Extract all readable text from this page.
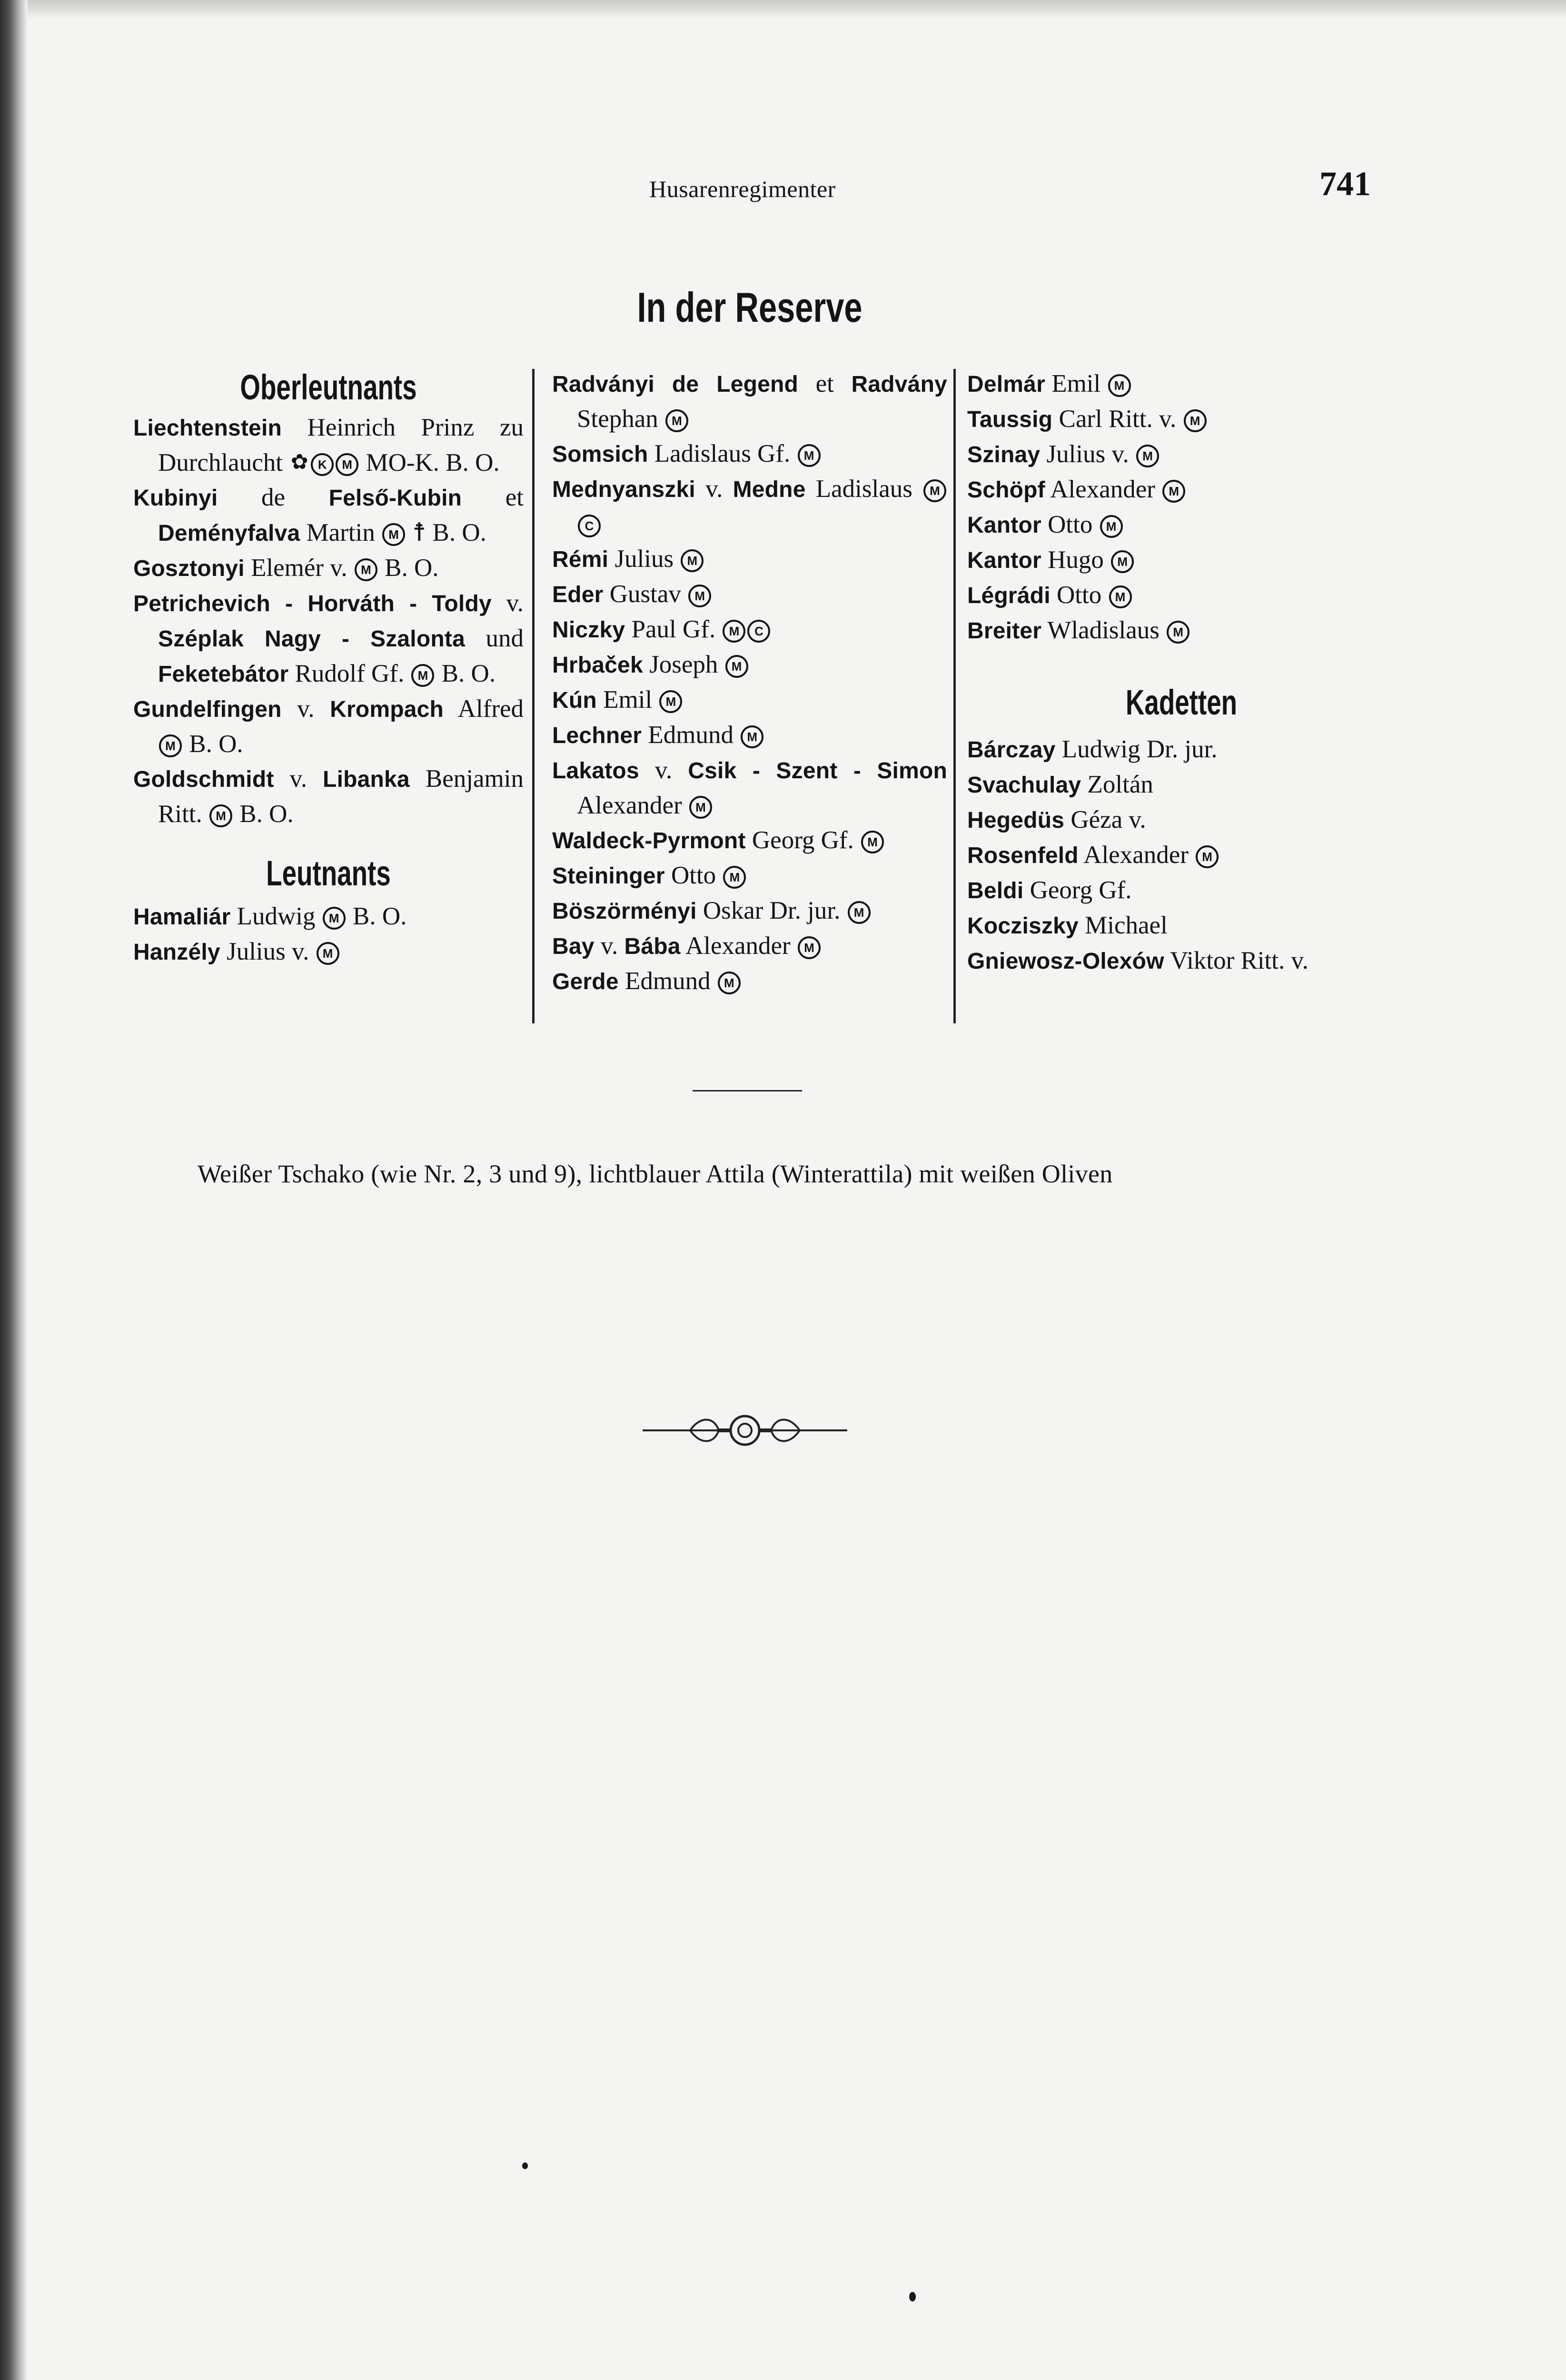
Husarenregimenter	741
In der Reserve
Oberleutnants
Liechtenstein Heinrich Prinz zu Durchlaucht ✿ K M MO-K. B. O.
Kubinyi de Felső-Kubin et Deményfalva Martin M ☨ B. O.
Gosztonyi Elemér v. M B. O.
Petrichevich - Horváth - Toldy v. Széplak Nagy - Szalonta und Feketebátor Rudolf Gf. M B. O.
Gundelfingen v. Krompach Alfred M B. O.
Goldschmidt v. Libanka Benjamin Ritt. M B. O.
Leutnants
Hamaliár Ludwig M B. O.
Hanzély Julius v. M
Radványi de Legend et Radvány Stephan M
Somsich Ladislaus Gf. M
Mednyanszki v. Medne Ladislaus MC
Rémi Julius M
Eder Gustav M
Niczky Paul Gf. M C
Hrbaček Joseph M
Kún Emil M
Lechner Edmund M
Lakatos v. Csik - Szent - Simon Alexander M
Waldeck-Pyrmont Georg Gf. M
Steininger Otto M
Böszörményi Oskar Dr. jur. M
Bay v. Bába Alexander M
Gerde Edmund M
Delmár Emil M
Taussig Carl Ritt. v. M
Szinay Julius v. M
Schöpf Alexander M
Kantor Otto M
Kantor Hugo M
Légrádi Otto M
Breiter Wladislaus M
Kadetten
Bárczay Ludwig Dr. jur.
Svachulay Zoltán
Hegedüs Géza v.
Rosenfeld Alexander M
Beldi Georg Gf.
Kocziszky Michael
Gniewosz-Olexów Viktor Ritt. v.
Weißer Tschako (wie Nr. 2, 3 und 9), lichtblauer Attila (Winterattila) mit weißen Oliven
